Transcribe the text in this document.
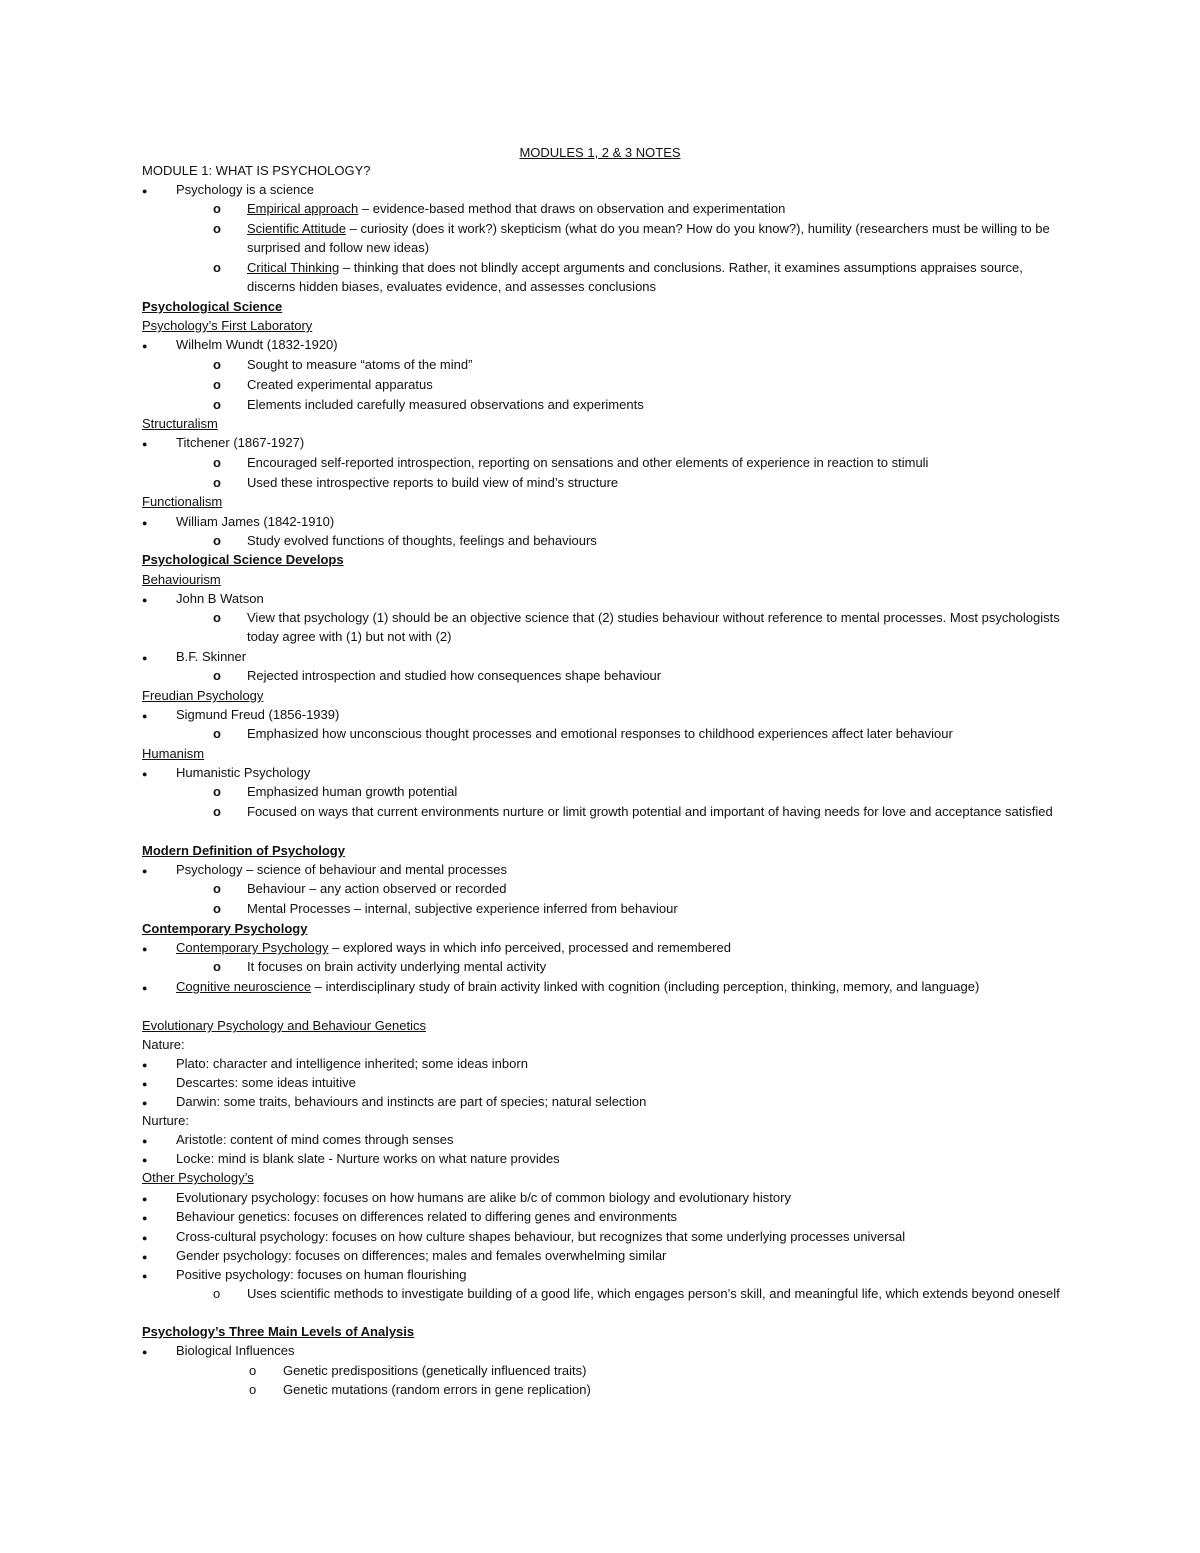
MODULES 1, 2 & 3 NOTES
MODULE 1: WHAT IS PSYCHOLOGY?
●
Psychology is a science
o
Empirical approach – evidence-based method that draws on observation and experimentation
o
Scientific Attitude – curiosity (does it work?) skepticism (what do you mean? How do you know?), humility (researchers must be willing to be surprised and follow new ideas)
o
Critical Thinking – thinking that does not blindly accept arguments and conclusions. Rather, it examines assumptions appraises source, discerns hidden biases, evaluates evidence, and assesses conclusions
Psychological Science
Psychology’s First Laboratory
●
Wilhelm Wundt (1832-1920)
o
Sought to measure “atoms of the mind”
o
Created experimental apparatus
o
Elements included carefully measured observations and experiments
Structuralism
●
Titchener (1867-1927)
o
Encouraged self-reported introspection, reporting on sensations and other elements of experience in reaction to stimuli
o
Used these introspective reports to build view of mind’s structure
Functionalism
●
William James (1842-1910)
o
Study evolved functions of thoughts, feelings and behaviours
Psychological Science Develops
Behaviourism
●
John B Watson
o
View that psychology (1) should be an objective science that (2) studies behaviour without reference to mental processes. Most psychologists today agree with (1) but not with (2)
●
B.F. Skinner
o
Rejected introspection and studied how consequences shape behaviour
Freudian Psychology
●
Sigmund Freud (1856-1939)
o
Emphasized how unconscious thought processes and emotional responses to childhood experiences affect later behaviour
Humanism
●
Humanistic Psychology
o
Emphasized human growth potential
o
Focused on ways that current environments nurture or limit growth potential and important of having needs for love and acceptance satisfied
Modern Definition of Psychology
●
Psychology – science of behaviour and mental processes
o
Behaviour – any action observed or recorded
o
Mental Processes – internal, subjective experience inferred from behaviour
Contemporary Psychology
●
Contemporary Psychology – explored ways in which info perceived, processed and remembered
o
It focuses on brain activity underlying mental activity
●
Cognitive neuroscience – interdisciplinary study of brain activity linked with cognition (including perception, thinking, memory, and language)
Evolutionary Psychology and Behaviour Genetics
Nature:
●
Plato: character and intelligence inherited; some ideas inborn
●
Descartes: some ideas intuitive
●
Darwin: some traits, behaviours and instincts are part of species; natural selection
Nurture:
●
Aristotle: content of mind comes through senses
●
Locke: mind is blank slate - Nurture works on what nature provides
Other Psychology’s
●
Evolutionary psychology: focuses on how humans are alike b/c of common biology and evolutionary history
●
Behaviour genetics: focuses on differences related to differing genes and environments
●
Cross-cultural psychology: focuses on how culture shapes behaviour, but recognizes that some underlying processes universal
●
Gender psychology: focuses on differences; males and females overwhelming similar
●
Positive psychology: focuses on human flourishing
o
Uses scientific methods to investigate building of a good life, which engages person’s skill, and meaningful life, which extends beyond oneself
Psychology’s Three Main Levels of Analysis
●
Biological Influences
o
Genetic predispositions (genetically influenced traits)
o
Genetic mutations (random errors in gene replication)
